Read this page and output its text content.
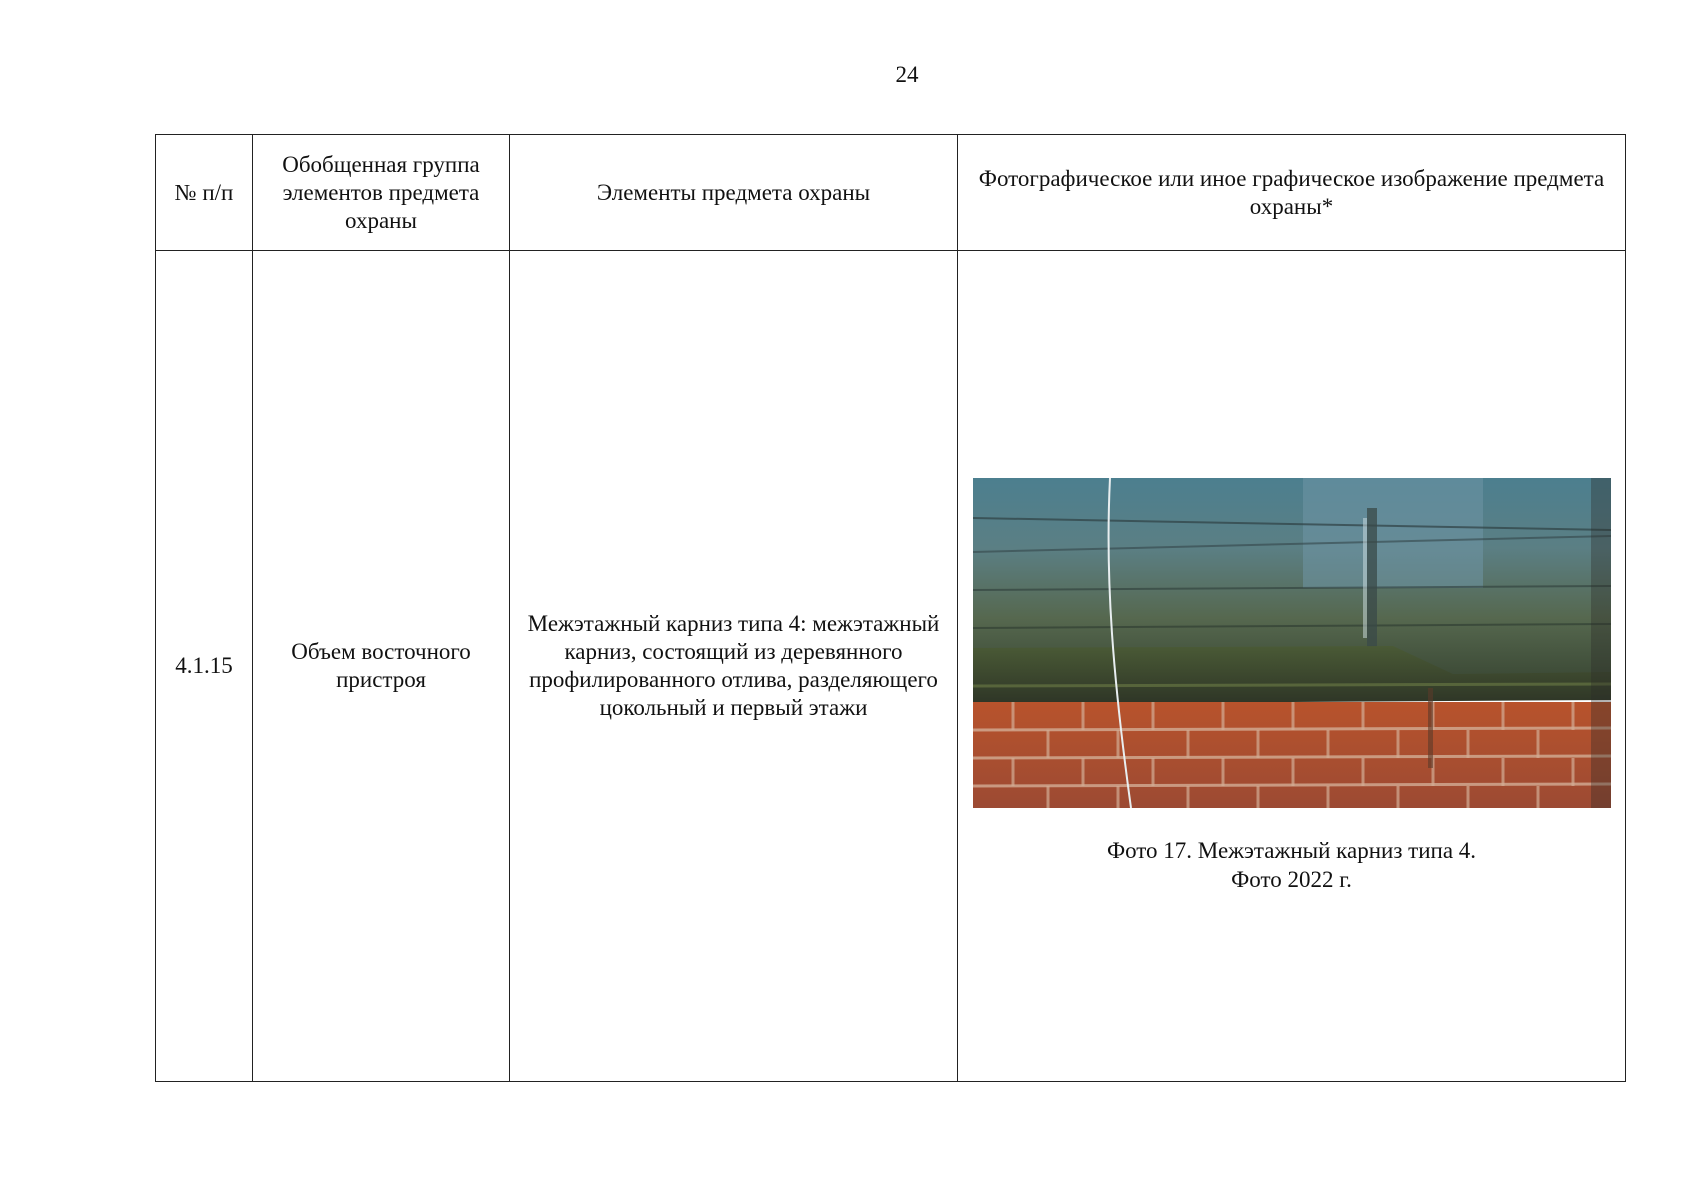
24
№ п/п	Обобщенная группа элементов предмета охраны	Элементы предмета охраны	Фотографическое или иное графическое изображение предмета охраны*
4.1.15	Объем восточного пристроя	Межэтажный карниз типа 4: межэтажный карниз, состоящий из деревянного профилированного отлива, разделяющего цокольный и первый этажи	Фото 17. Межэтажный карниз типа 4.
Фото 2022 г.
